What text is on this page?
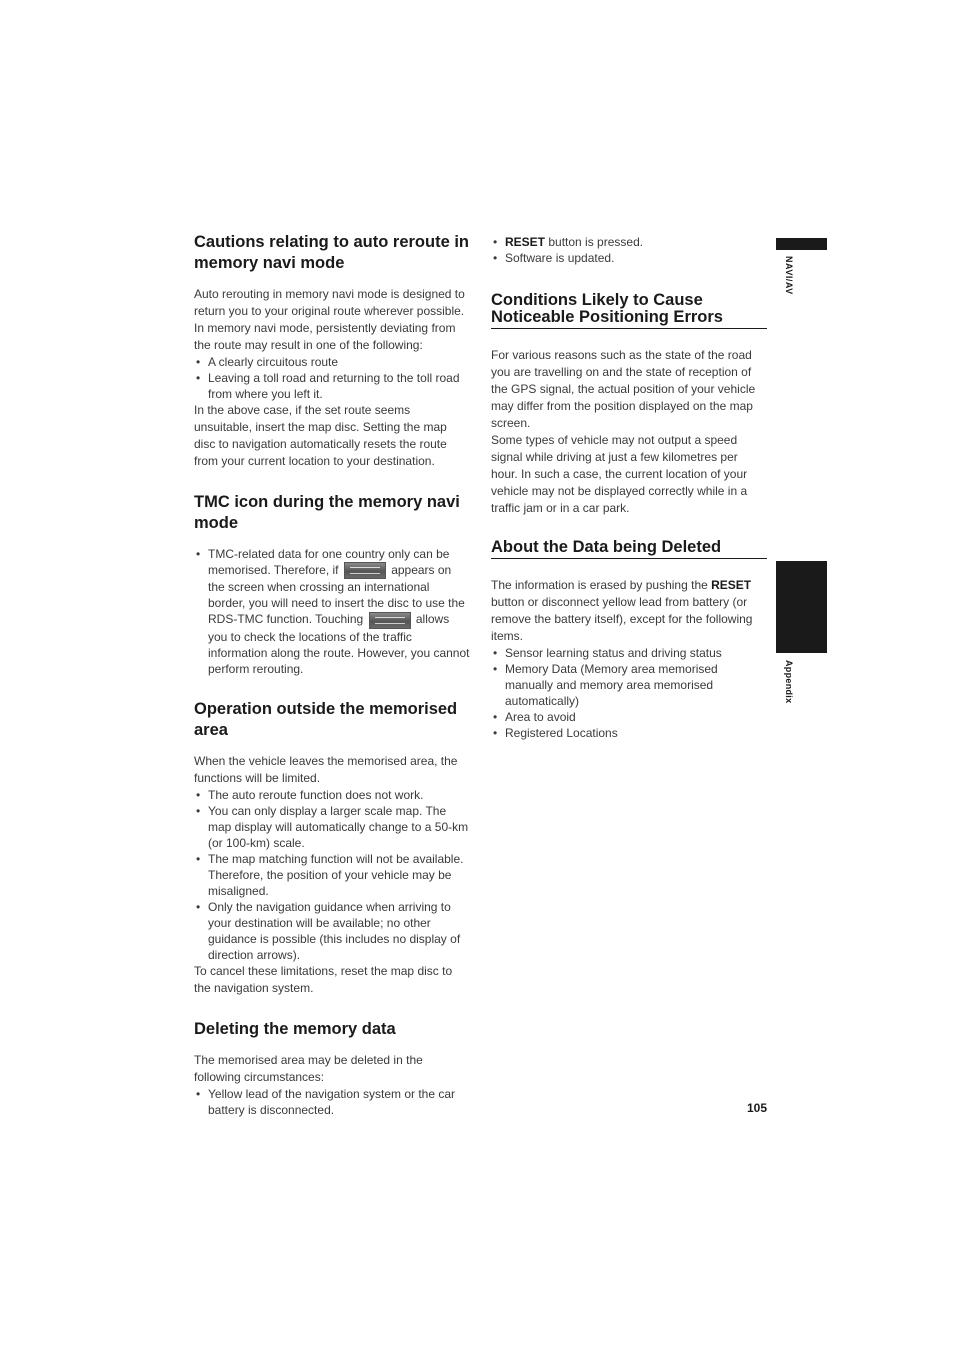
Cautions relating to auto reroute in memory navi mode

Auto rerouting in memory navi mode is designed to return you to your original route wherever possible.

In memory navi mode, persistently deviating from the route may result in one of the following:

• A clearly circuitous route
• Leaving a toll road and returning to the toll road from where you left it.

In the above case, if the set route seems unsuitable, insert the map disc. Setting the map disc to navigation automatically resets the route from your current location to your destination.

TMC icon during the memory navi mode
• TMC-related data for one country only can be memorised. Therefore, if	appears on the screen when crossing an international border, you will need to insert the disc to use the RDS-TMC function. Touching	allows you to check the locations of the traffic information along the route. However, you cannot perform rerouting.
Operation outside the memorised area

When the vehicle leaves the memorised area, the functions will be limited.

• The auto reroute function does not work.
• You can only display a larger scale map. The map display will automatically change to a 50-km (or 100-km) scale.
• The map matching function will not be available. Therefore, the position of your vehicle may be misaligned.
• Only the navigation guidance when arriving to your destination will be available; no other guidance is possible (this includes no display of direction arrows).

To cancel these limitations, reset the map disc to the navigation system.

Deleting the memory data

The memorised area may be deleted in the following circumstances:

• Yellow lead of the navigation system or the car battery is disconnected.
• RESET button is pressed.
• Software is updated.
Conditions Likely to Cause Noticeable Positioning Errors

For various reasons such as the state of the road you are travelling on and the state of reception of the GPS signal, the actual position of your vehicle may differ from the position displayed on the map screen.

Some types of vehicle may not output a speed signal while driving at just a few kilometres per hour. In such a case, the current location of your vehicle may not be displayed correctly while in a traffic jam or in a car park.

About the Data being Deleted

The information is erased by pushing the RESET button or disconnect yellow lead from battery (or remove the battery itself), except for the following items.

• Sensor learning status and driving status
• Memory Data (Memory area memorised manually and memory area memorised automatically)
• Area to avoid
• Registered Locations
NAVI/AV
Appendix
105
